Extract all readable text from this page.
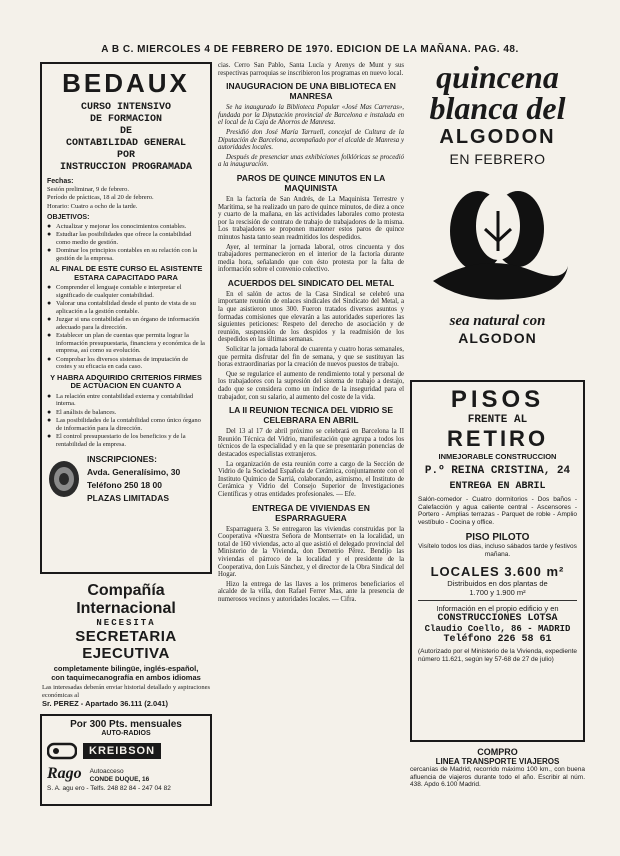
A B C. MIERCOLES 4 DE FEBRERO DE 1970. EDICION DE LA MAÑANA. PAG. 48.
BEDAUX
CURSO INTENSIVO
DE FORMACION
DE
CONTABILIDAD GENERAL
POR
INSTRUCCION PROGRAMADA
Fechas:
Sesión preliminar, 9 de febrero.
Período de prácticas, 18 al 20 de febrero.
Horario: Cuatro a ocho de la tarde.
OBJETIVOS:
● Actualizar y mejorar los conocimientos contables.
● Estudiar las posibilidades que ofrece la contabilidad como medio de gestión.
● Dominar los principios contables en su relación con la gestión de la empresa.
AL FINAL DE ESTE CURSO EL ASISTENTE ESTARA CAPACITADO PARA
● Comprender el lenguaje contable e interpretar el significado de cualquier contabilidad.
● Valorar una contabilidad desde el punto de vista de su aplicación a la gestión contable.
● Juzgar si una contabilidad es un órgano de información adecuado para la dirección.
● Establecer un plan de cuentas que permita lograr la información presupuestaria, financiera y económica de la empresa, así como su evolución.
● Comprobar los diversos sistemas de imputación de costes y su eficacia en cada caso.
Y HABRA ADQUIRIDO CRITERIOS FIRMES DE ACTUACION EN CUANTO A
● La relación entre contabilidad externa y contabilidad interna.
● El análisis de balances.
● Las posibilidades de la contabilidad como único órgano de información para la dirección.
● El control presupuestario de los beneficios y de la rentabilidad de la empresa.
INSCRIPCIONES:
Avda. Generalísimo, 30
Teléfono 250 18 00
PLAZAS LIMITADAS
Compañía Internacional
NECESITA
SECRETARIA EJECUTIVA
completamente bilingüe, inglés-español,
con taquimecanografía en ambos idiomas
Las interesadas deberán enviar historial detallado y aspiraciones económicas al
Sr. PEREZ - Apartado 36.111 (2.041)
Por 300 Pts. mensuales
AUTO-RADIOS
KREIBSON
Rago Autoacceso
CONDE DUQUE, 16
S. A. agu ero - Telfs. 248 82 84 - 247 04 82
cias. Cerro San Pablo, Santa Lucía y Arenys de Munt y sus respectivas parroquias se inscribieron los programas en nuevo local.
INAUGURACION DE UNA BIBLIOTECA EN MANRESA
Se ha inaugurado la Biblioteca Popular «José Mas Carreras», fundada por la Diputación provincial de Barcelona e instalada en el local de la Caja de Ahorros de Manresa.
Presidió don José María Tarruell, concejal de Cultura de la Diputación de Barcelona, acompañado por el alcalde de Manresa y autoridades locales.
Después de presenciar unas exhibiciones folklóricas se procedió a la inauguración.
PAROS DE QUINCE MINUTOS EN LA MAQUINISTA
En la factoría de San Andrés, de La Maquinista Terrestre y Marítima, se ha realizado un paro de quince minutos, de diez a once y cuarto de la mañana, en las actividades laborales como protesta por la rescisión de contrato de trabajo de trabajadores de la misma. Los trabajadores se proponen mantener estos paros de quince minutos hasta tanto sean readmitidos los despedidos.
Ayer, al terminar la jornada laboral, otros cincuenta y dos trabajadores permanecieron en el interior de la factoría durante media hora, señalando que con ésto protesta por la falta de información sobre el convenio colectivo.
ACUERDOS DEL SINDICATO DEL METAL
En el salón de actos de la Casa Sindical se celebró una importante reunión de enlaces sindicales del Sindicato del Metal, a la que asistieron unos 300. Fueron tratados diversos asuntos y formadas comisiones que elevarán a las autoridades superiores las siguientes peticiones: Respeto del derecho de asociación y de reunión, suspensión de los despidos y la readmisión de los despedidos en las últimas semanas.
Solicitar la jornada laboral de cuarenta y cuatro horas semanales, que permita disfrutar del fin de semana, y que se sustituyan las horas extraordinarias por la creación de nuevos puestos de trabajo.
Que se regularice el aumento de rendimiento total y personal de los trabajadores con la supresión del sistema de trabajo a destajo, dado que se considera como un índice de la inseguridad para el trabajador, con su salario, al aumento del coste de la vida.
LA II REUNION TECNICA DEL VIDRIO SE CELEBRARA EN ABRIL
Del 13 al 17 de abril próximo se celebrará en Barcelona la II Reunión Técnica del Vidrio, manifestación que agrupa a todos los técnicos de la especialidad y en la que se presentarán ponencias de destacados especialistas extranjeros.
La organización de esta reunión corre a cargo de la Sección de Vidrio de la Sociedad Española de Cerámica, conjuntamente con el Instituto Químico de Sarriá, colaborando, asimismo, el Instituto de Cerámica y Vidrio del Consejo Superior de Investigaciones Científicas y otras entidades profesionales. — Efe.
ENTREGA DE VIVIENDAS EN ESPARRAGUERA
Esparraguera 3. Se entregaron las viviendas construidas por la Cooperativa «Nuestra Señora de Montserrat» en la localidad, un total de 160 viviendas, acto al que asistió el delegado provincial del Ministerio de la Vivienda, don Demetrio Pérez. Bendijo las viviendas el párroco de la localidad y el presidente de la Cooperativa, don Luis Sánchez, y el director de la Obra Sindical del Hogar.
Hizo la entrega de las llaves a los primeros beneficiarios el alcalde de la villa, don Rafael Ferrer Mas, ante la presencia de numerosos vecinos y autoridades locales. — Cifra.
quincena
blanca del
ALGODON
EN FEBRERO
sea natural con
ALGODON
PISOS
FRENTE AL
RETIRO
INMEJORABLE CONSTRUCCION
P.º REINA CRISTINA, 24
ENTREGA EN ABRIL
Salón-comedor - Cuatro dormitorios - Dos baños - Calefacción y agua caliente central - Ascensores - Portero - Amplias terrazas - Parquet de roble - Amplio vestíbulo - Cocina y office.
PISO PILOTO
Visítelo todos los días, incluso sábados tarde y festivos mañana.
LOCALES 3.600 m²
Distribuidos en dos plantas de
1.700 y 1.900 m²
Información en el propio edificio y en
CONSTRUCCIONES LOTSA
Claudio Coello, 86 - MADRID
Teléfono 226 58 61
(Autorizado por el Ministerio de la Vivienda, expediente número 11.621, según ley 57-68 de 27 de julio)
COMPRO
LINEA TRANSPORTE VIAJEROS
cercanías de Madrid, recorrido máximo 100 km., con buena afluencia de viajeros durante todo el año. Escribir al núm. 438. Apdo 6.100 Madrid.
